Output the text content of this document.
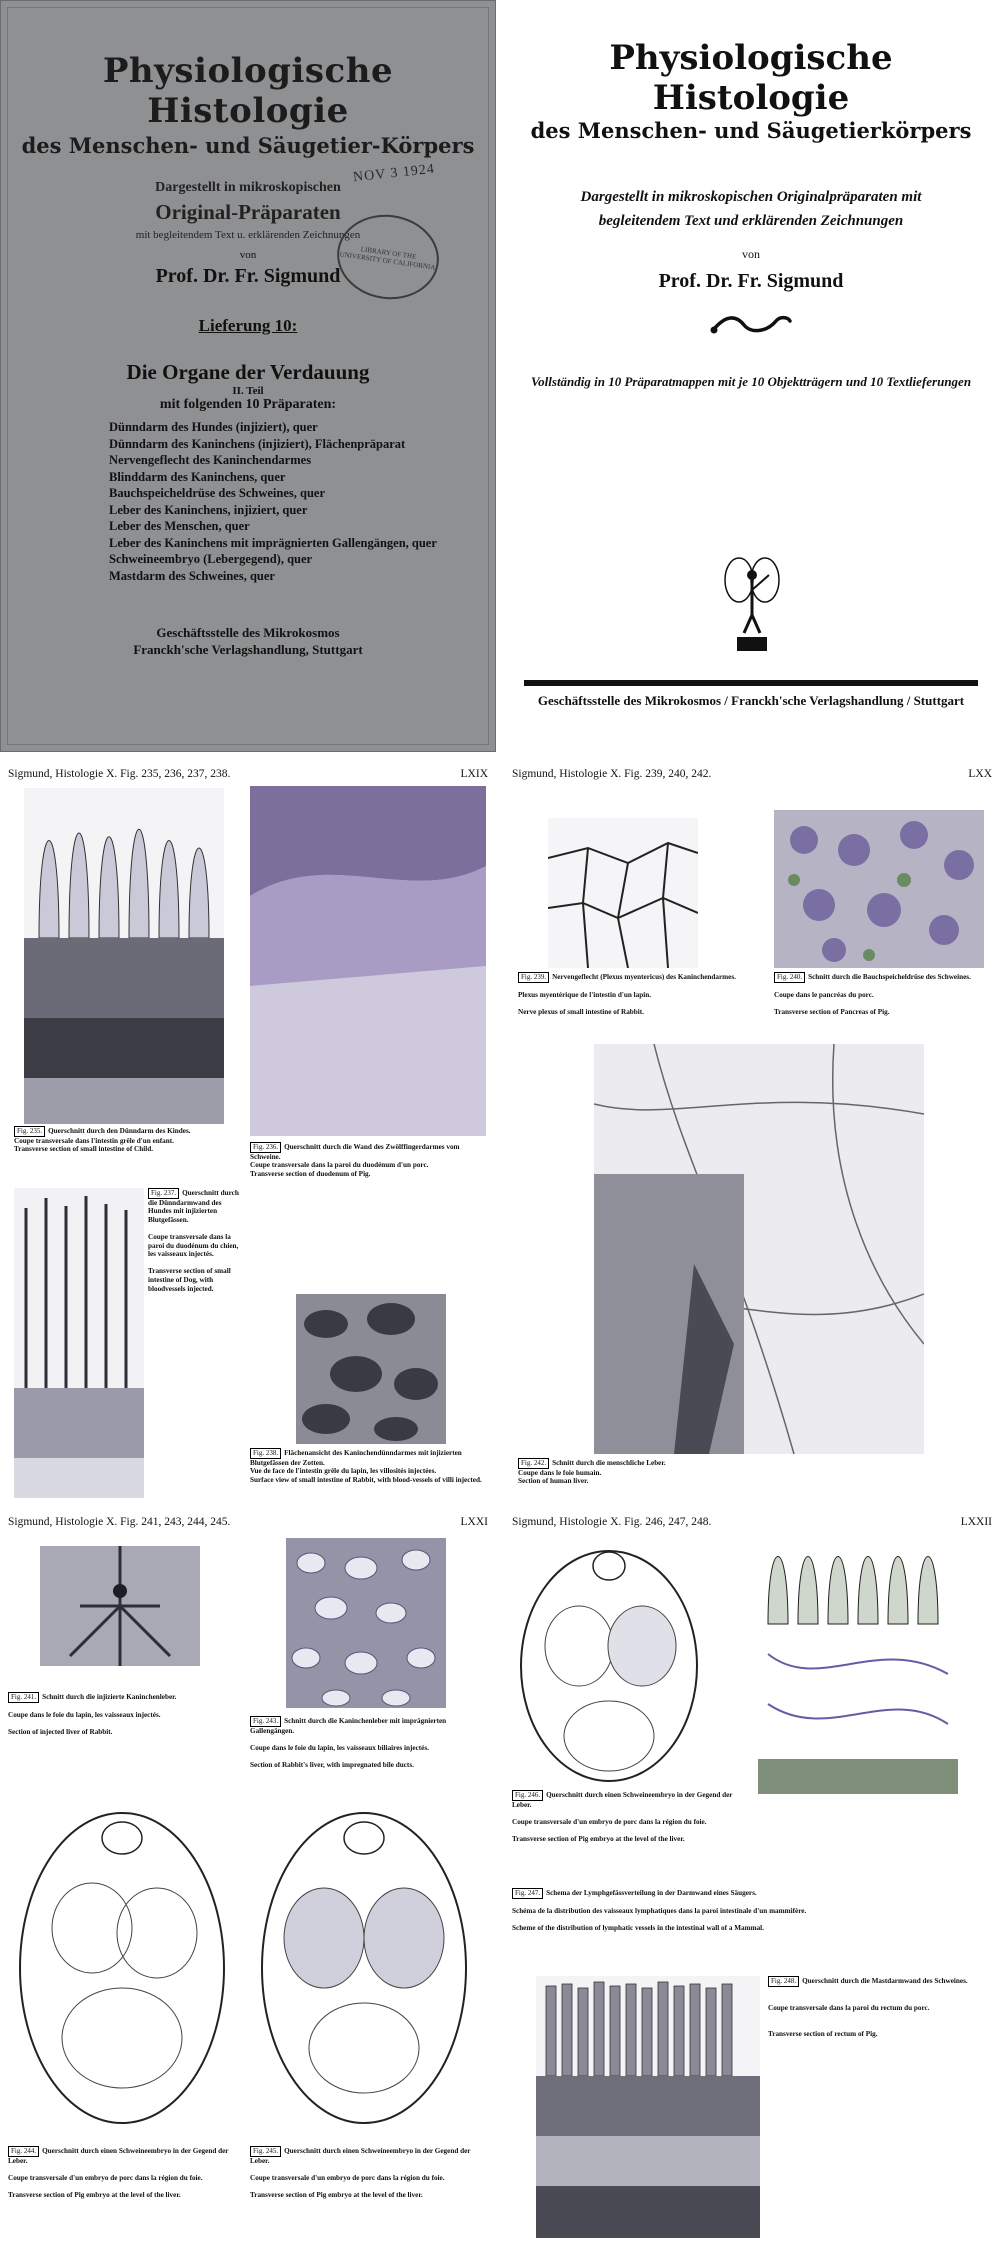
Physiologische Histologie
des Menschen- und Säugetier-Körpers
Dargestellt in mikroskopischen
Original-Präparaten
mit begleitendem Text u. erklärenden Zeichnungen
von
Prof. Dr. Fr. Sigmund
Lieferung 10:
Die Organe der Verdauung
II. Teil
mit folgenden 10 Präparaten:
Dünndarm des Hundes (injiziert), quer
Dünndarm des Kaninchens (injiziert), Flächenpräparat
Nervengeflecht des Kaninchendarmes
Blinddarm des Kaninchens, quer
Bauchspeicheldrüse des Schweines, quer
Leber des Kaninchens, injiziert, quer
Leber des Menschen, quer
Leber des Kaninchens mit imprägnierten Gallengängen, quer
Schweineembryo (Lebergegend), quer
Mastdarm des Schweines, quer
Geschäftsstelle des Mikrokosmos
Franckh'sche Verlagshandlung, Stuttgart
NOV 3 1924
LIBRARY OF THE UNIVERSITY OF CALIFORNIA
Physiologische Histologie
des Menschen- und Säugetierkörpers
Dargestellt in mikroskopischen Originalpräparaten mit begleitendem Text und erklärenden Zeichnungen
von
Prof. Dr. Fr. Sigmund
Vollständig in 10 Präparatmappen mit je 10 Objektträgern und 10 Textlieferungen
Geschäftsstelle des Mikrokosmos / Franckh'sche Verlagshandlung / Stuttgart
Sigmund, Histologie X. Fig. 235, 236, 237, 238.	LXIX
Fig. 235. Querschnitt durch den Dünndarm des Kindes.
Coupe transversale dans l'intestin grêle d'un enfant.
Transverse section of small intestine of Child.	Fig. 236. Querschnitt durch die Wand des Zwölffingerdarmes vom Schweine.
Coupe transversale dans la paroi du duodénum d'un porc.
Transverse section of duodenum of Pig.
Fig. 237. Querschnitt durch die Dünndarmwand des Hundes mit injizierten Blutgefässen.

Coupe transversale dans la paroi du duodénum du chien, les vaisseaux injectés.

Transverse section of small intestine of Dog, with bloodvessels injected.
Fig. 238. Flächenansicht des Kaninchendünndarmes mit injizierten Blutgefässen der Zotten.
Vue de face de l'intestin grêle du lapin, les villosités injectées.
Surface view of small intestine of Rabbit, with blood-vessels of villi injected.
Sigmund, Histologie X. Fig. 239, 240, 242.	LXX
Fig. 239. Nervengeflecht (Plexus myentericus) des Kaninchendarmes.

Plexus myentérique de l'intestin d'un lapin.

Nerve plexus of small intestine of Rabbit.
Fig. 240. Schnitt durch die Bauchspeicheldrüse des Schweines.

Coupe dans le pancréas du porc.

Transverse section of Pancreas of Pig.
Fig. 242. Schnitt durch die menschliche Leber.
Coupe dans le foie humain.
Section of human liver.
Sigmund, Histologie X. Fig. 241, 243, 244, 245.	LXXI
Fig. 241. Schnitt durch die injizierte Kaninchenleber.

Coupe dans le foie du lapin, les vaisseaux injectés.

Section of injected liver of Rabbit.
Fig. 243. Schnitt durch die Kaninchenleber mit imprägnierten Gallengängen.

Coupe dans le foie du lapin, les vaisseaux biliaires injectés.

Section of Rabbit's liver, with impregnated bile ducts.
Fig. 244. Querschnitt durch einen Schweineembryo in der Gegend der Leber.

Coupe transversale d'un embryo de porc dans la région du foie.

Transverse section of Pig embryo at the level of the liver.
Fig. 245. Querschnitt durch einen Schweineembryo in der Gegend der Leber.

Coupe transversale d'un embryo de porc dans la région du foie.

Transverse section of Pig embryo at the level of the liver.
Sigmund, Histologie X. Fig. 246, 247, 248.	LXXII
Fig. 246. Querschnitt durch einen Schweineembryo in der Gegend der Leber.

Coupe transversale d'un embryo de porc dans la région du foie.

Transverse section of Pig embryo at the level of the liver.
Fig. 247. Schema der Lymphgefässverteilung in der Darmwand eines Säugers.

Schéma de la distribution des vaisseaux lymphatiques dans la paroi intestinale d'un mammifère.

Scheme of the distribution of lymphatic vessels in the intestinal wall of a Mammal.
Fig. 248. Querschnitt durch die Mastdarmwand des Schweines.

Coupe transversale dans la paroi du rectum du porc.

Transverse section of rectum of Pig.
